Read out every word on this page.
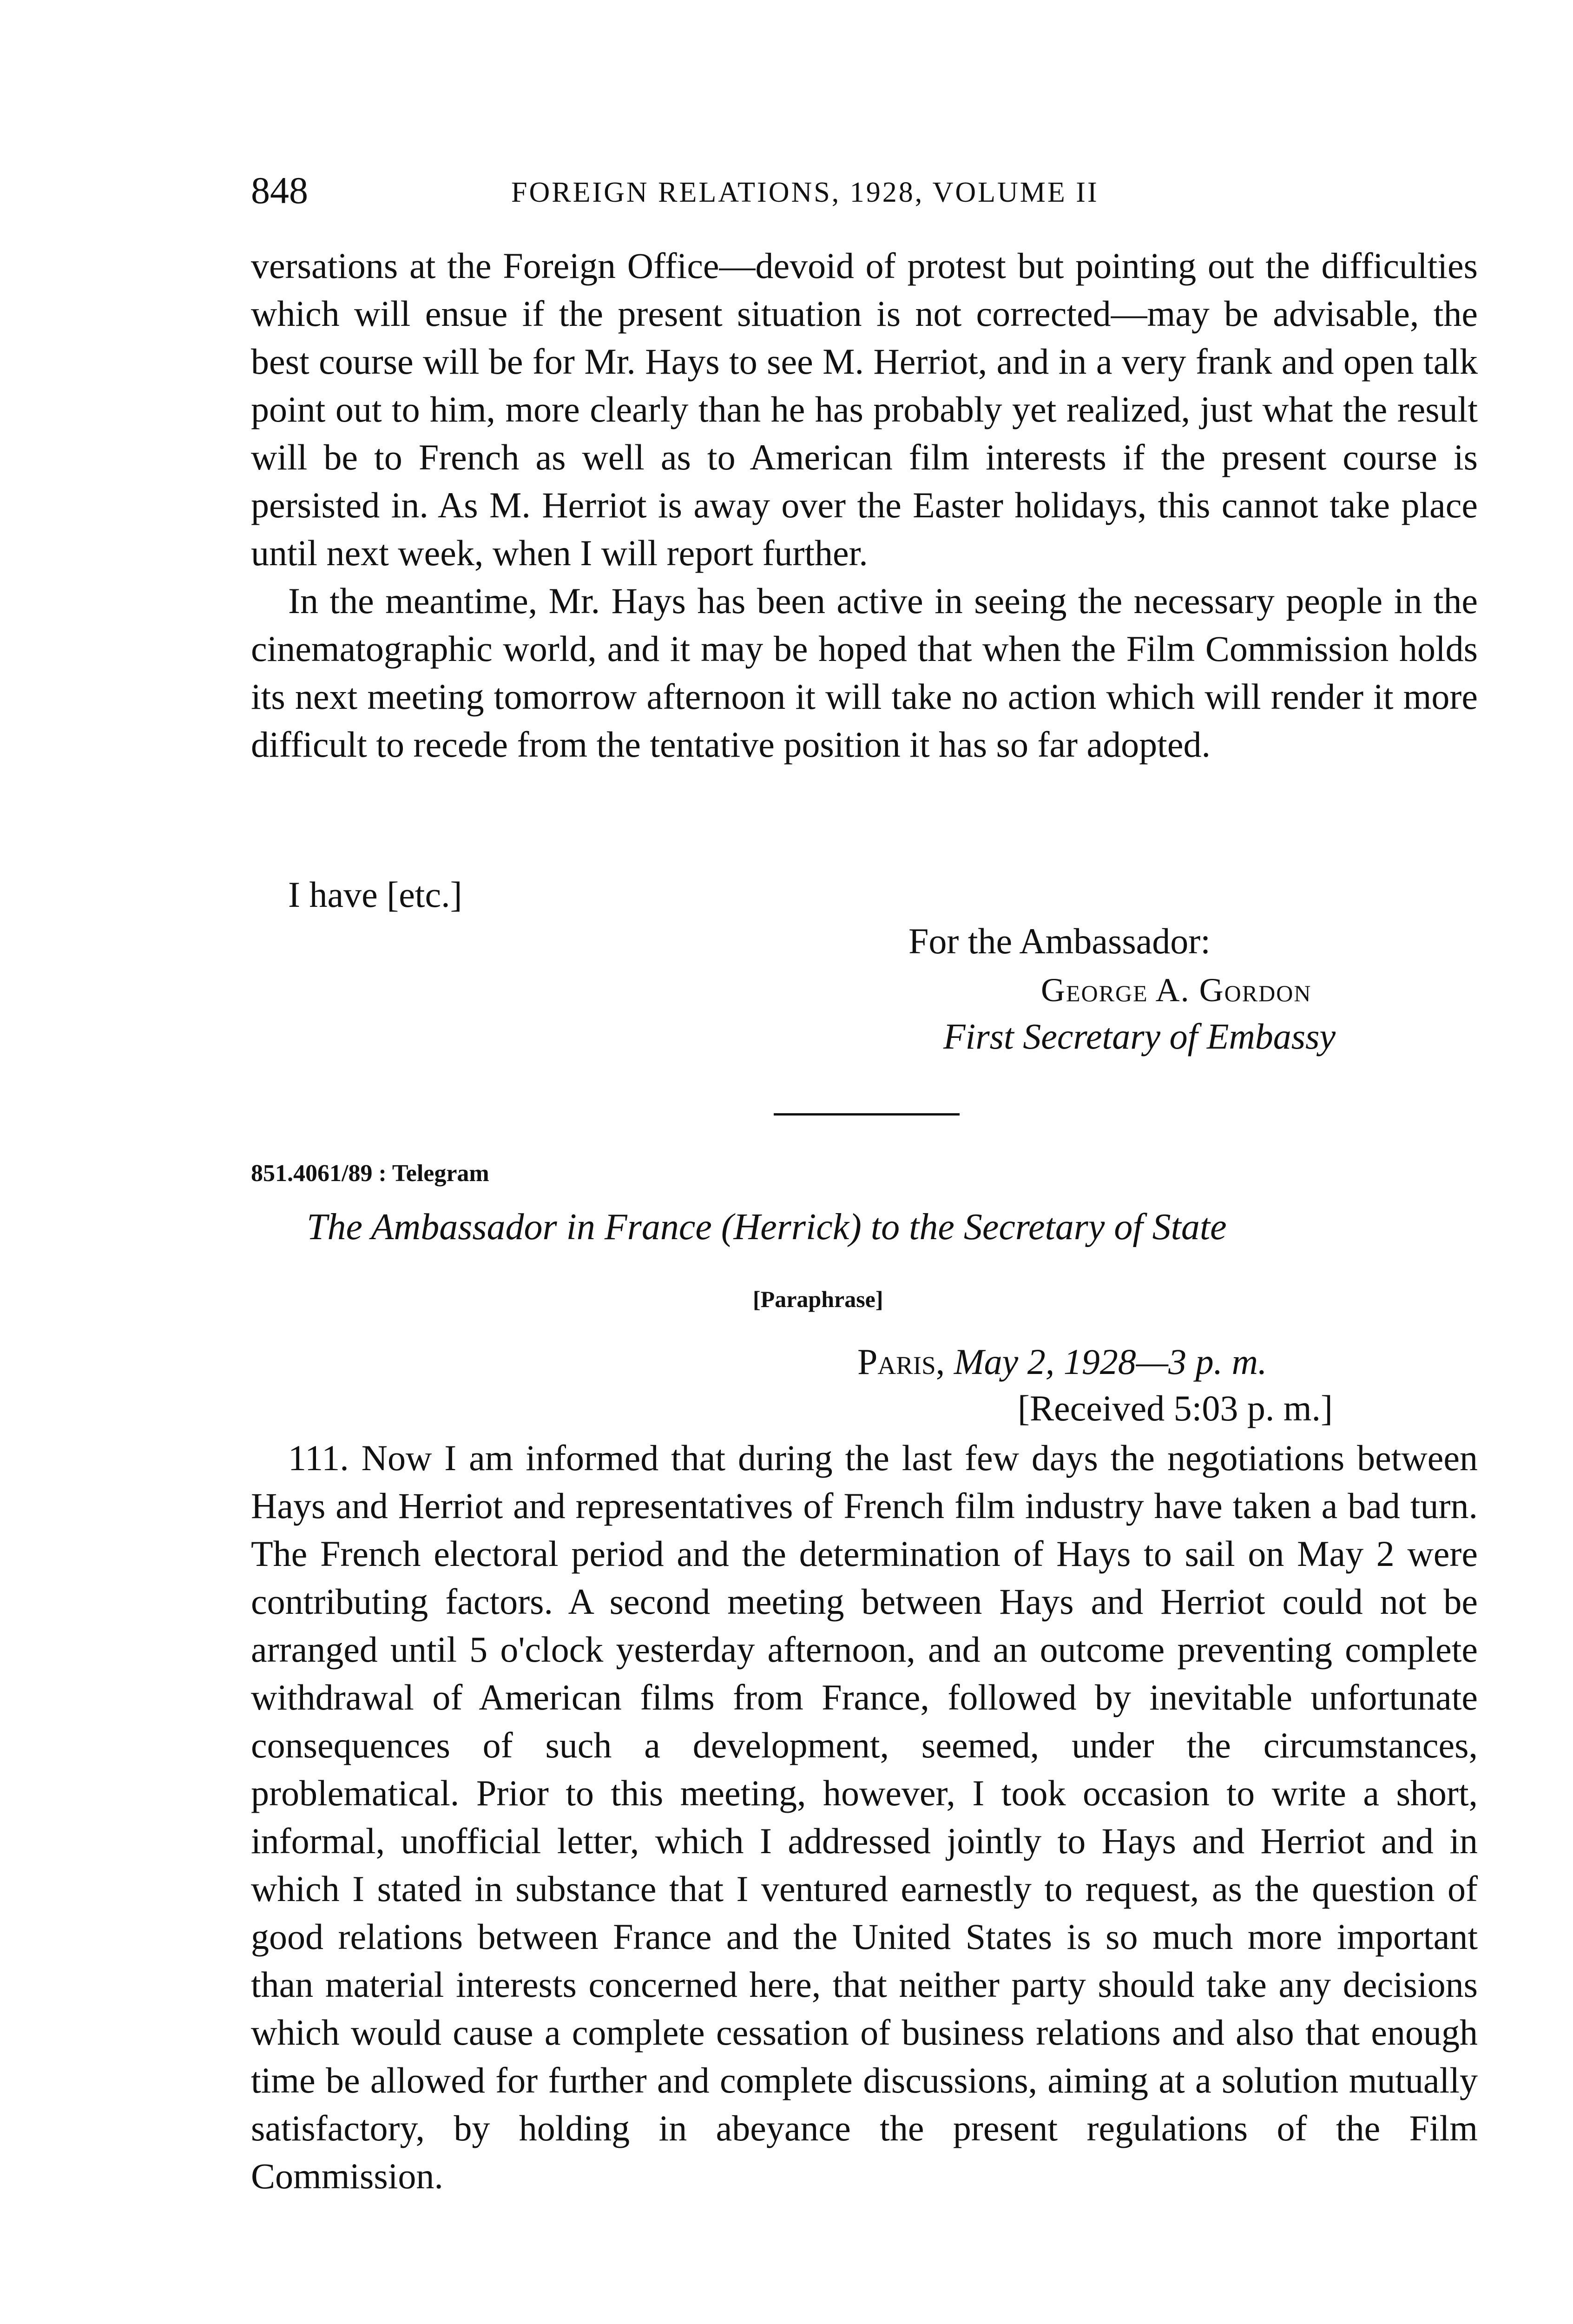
848	FOREIGN RELATIONS, 1928, VOLUME II

versations at the Foreign Office—devoid of protest but pointing out the difficulties which will ensue if the present situation is not corrected—may be advisable, the best course will be for Mr. Hays to see M. Herriot, and in a very frank and open talk point out to him, more clearly than he has probably yet realized, just what the result will be to French as well as to American film interests if the present course is persisted in. As M. Herriot is away over the Easter holidays, this cannot take place until next week, when I will report further.

In the meantime, Mr. Hays has been active in seeing the necessary people in the cinematographic world, and it may be hoped that when the Film Commission holds its next meeting tomorrow afternoon it will take no action which will render it more difficult to recede from the tentative position it has so far adopted.

I have [etc.]
For the Ambassador:
George A. Gordon
First Secretary of Embassy
851.4061/89 : Telegram
The Ambassador in France (Herrick) to the Secretary of State
[Paraphrase]
Paris, May 2, 1928—3 p. m.
[Received 5:03 p. m.]

111. Now I am informed that during the last few days the negotiations between Hays and Herriot and representatives of French film industry have taken a bad turn. The French electoral period and the determination of Hays to sail on May 2 were contributing factors. A second meeting between Hays and Herriot could not be arranged until 5 o'clock yesterday afternoon, and an outcome preventing complete withdrawal of American films from France, followed by inevitable unfortunate consequences of such a development, seemed, under the circumstances, problematical. Prior to this meeting, however, I took occasion to write a short, informal, unofficial letter, which I addressed jointly to Hays and Herriot and in which I stated in substance that I ventured earnestly to request, as the question of good relations between France and the United States is so much more important than material interests concerned here, that neither party should take any decisions which would cause a complete cessation of business relations and also that enough time be allowed for further and complete discussions, aiming at a solution mutually satisfactory, by holding in abeyance the present regulations of the Film Commission.
